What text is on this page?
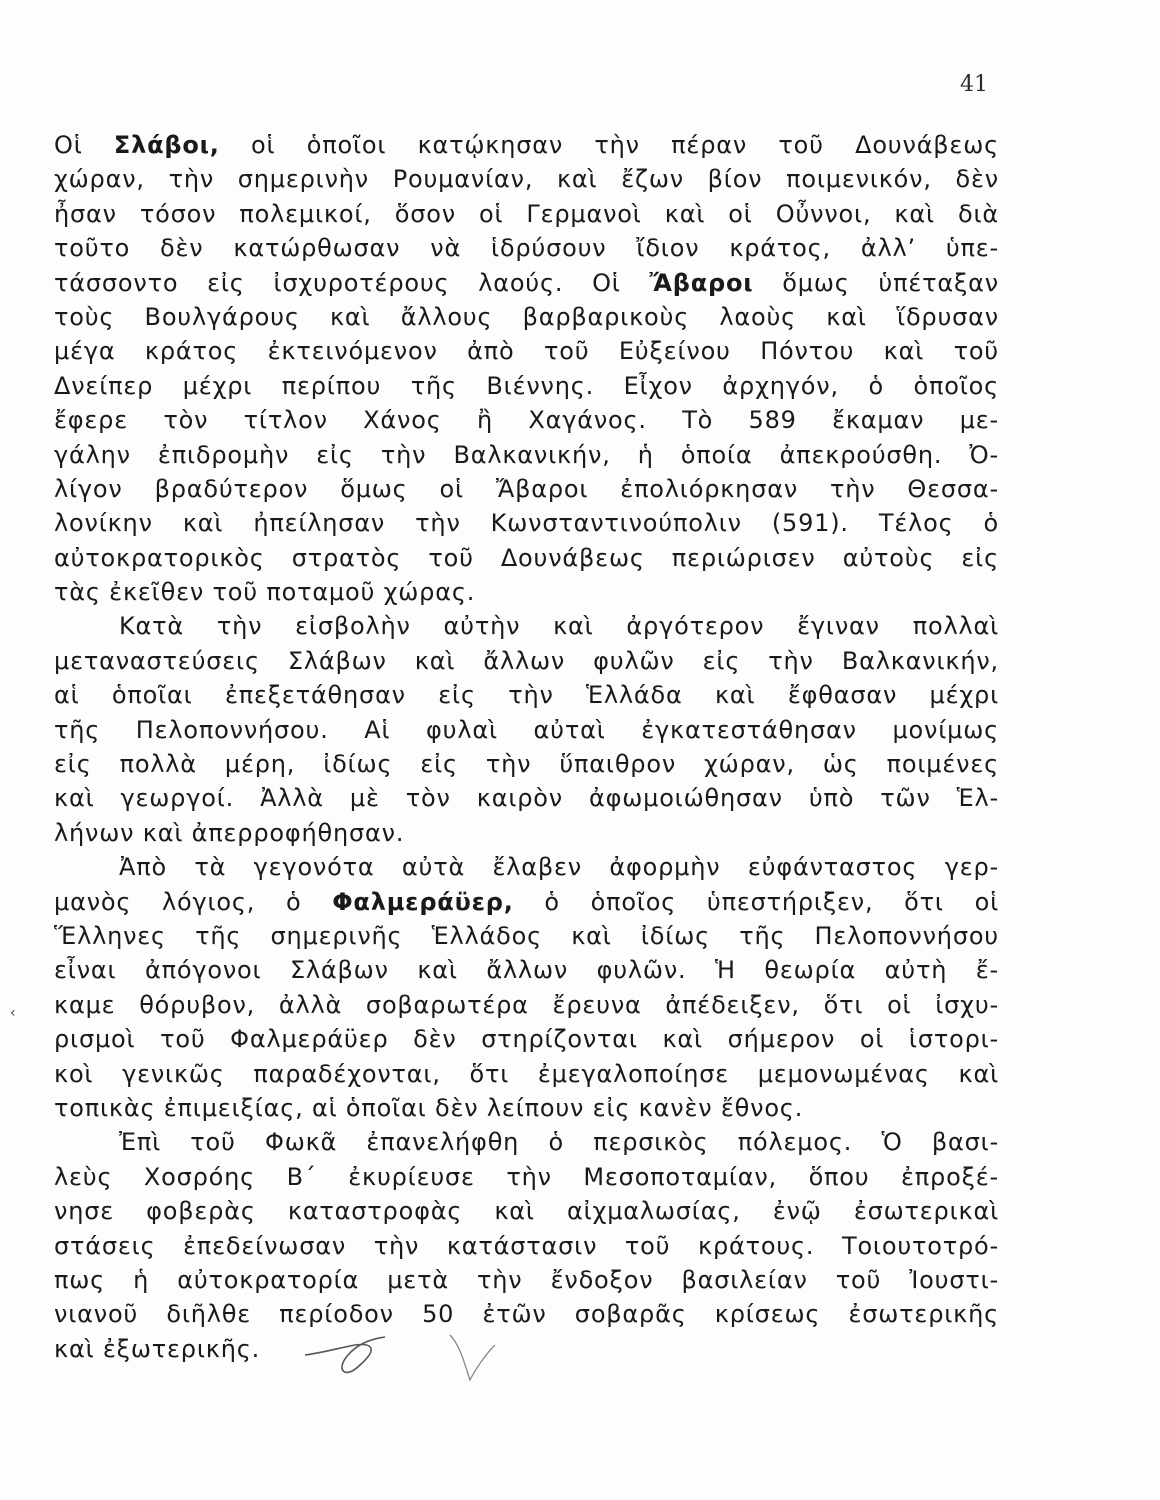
41
‹
Οἱ Σλάβοι, οἱ ὁποῖοι κατῴκησαν τὴν πέραν τοῦ Δουνάβεως
χώραν, τὴν σημερινὴν Ρουμανίαν, καὶ ἔζων βίον ποιμενικόν, δὲν
ἦσαν τόσον πολεμικοί, ὅσον οἱ Γερμανοὶ καὶ οἱ Οὖννοι, καὶ διὰ
τοῦτο δὲν κατώρθωσαν νὰ ἱδρύσουν ἴδιον κράτος, ἀλλ’ ὑπε-
τάσσοντο εἰς ἰσχυροτέρους λαούς. Οἱ Ἄβαροι ὅμως ὑπέταξαν
τοὺς Βουλγάρους καὶ ἄλλους βαρβαρικοὺς λαοὺς καὶ ἵδρυσαν
μέγα κράτος ἐκτεινόμενον ἀπὸ τοῦ Εὐξείνου Πόντου καὶ τοῦ
Δνείπερ μέχρι περίπου τῆς Βιέννης. Εἶχον ἀρχηγόν, ὁ ὁποῖος
ἔφερε τὸν τίτλον Χάνος ἢ Χαγάνος. Τὸ 589 ἔκαμαν με-
γάλην ἐπιδρομὴν εἰς τὴν Βαλκανικήν, ἡ ὁποία ἀπεκρούσθη. Ὀ-
λίγον βραδύτερον ὅμως οἱ Ἄβαροι ἐπολιόρκησαν τὴν Θεσσα-
λονίκην καὶ ἠπείλησαν τὴν Κωνσταντινούπολιν (591). Τέλος ὁ
αὐτοκρατορικὸς στρατὸς τοῦ Δουνάβεως περιώρισεν αὐτοὺς εἰς
τὰς ἐκεῖθεν τοῦ ποταμοῦ χώρας.
Κατὰ τὴν εἰσβολὴν αὐτὴν καὶ ἀργότερον ἔγιναν πολλαὶ
μεταναστεύσεις Σλάβων καὶ ἄλλων φυλῶν εἰς τὴν Βαλκανικήν,
αἱ ὁποῖαι ἐπεξετάθησαν εἰς τὴν Ἑλλάδα καὶ ἔφθασαν μέχρι
τῆς Πελοποννήσου. Αἱ φυλαὶ αὐταὶ ἐγκατεστάθησαν μονίμως
εἰς πολλὰ μέρη, ἰδίως εἰς τὴν ὕπαιθρον χώραν, ὡς ποιμένες
καὶ γεωργοί. Ἀλλὰ μὲ τὸν καιρὸν ἀφωμοιώθησαν ὑπὸ τῶν Ἑλ-
λήνων καὶ ἀπερροφήθησαν.
Ἀπὸ τὰ γεγονότα αὐτὰ ἔλαβεν ἀφορμὴν εὐφάνταστος γερ-
μανὸς λόγιος, ὁ Φαλμεράϋερ, ὁ ὁποῖος ὑπεστήριξεν, ὅτι οἱ
Ἕλληνες τῆς σημερινῆς Ἑλλάδος καὶ ἰδίως τῆς Πελοποννήσου
εἶναι ἀπόγονοι Σλάβων καὶ ἄλλων φυλῶν. Ἡ θεωρία αὐτὴ ἔ-
καμε θόρυβον, ἀλλὰ σοβαρωτέρα ἔρευνα ἀπέδειξεν, ὅτι οἱ ἰσχυ-
ρισμοὶ τοῦ Φαλμεράϋερ δὲν στηρίζονται καὶ σήμερον οἱ ἱστορι-
κοὶ γενικῶς παραδέχονται, ὅτι ἐμεγαλοποίησε μεμονωμένας καὶ
τοπικὰς ἐπιμειξίας, αἱ ὁποῖαι δὲν λείπουν εἰς κανὲν ἔθνος.
Ἐπὶ τοῦ Φωκᾶ ἐπανελήφθη ὁ περσικὸς πόλεμος. Ὁ βασι-
λεὺς Χοσρόης Β΄ ἐκυρίευσε τὴν Μεσοποταμίαν, ὅπου ἐπροξέ-
νησε φοβερὰς καταστροφὰς καὶ αἰχμαλωσίας, ἐνῷ ἐσωτερικαὶ
στάσεις ἐπεδείνωσαν τὴν κατάστασιν τοῦ κράτους. Τοιουτοτρό-
πως ἡ αὐτοκρατορία μετὰ τὴν ἔνδοξον βασιλείαν τοῦ Ἰουστι-
νιανοῦ διῆλθε περίοδον 50 ἐτῶν σοβαρᾶς κρίσεως ἐσωτερικῆς
καὶ ἐξωτερικῆς.
